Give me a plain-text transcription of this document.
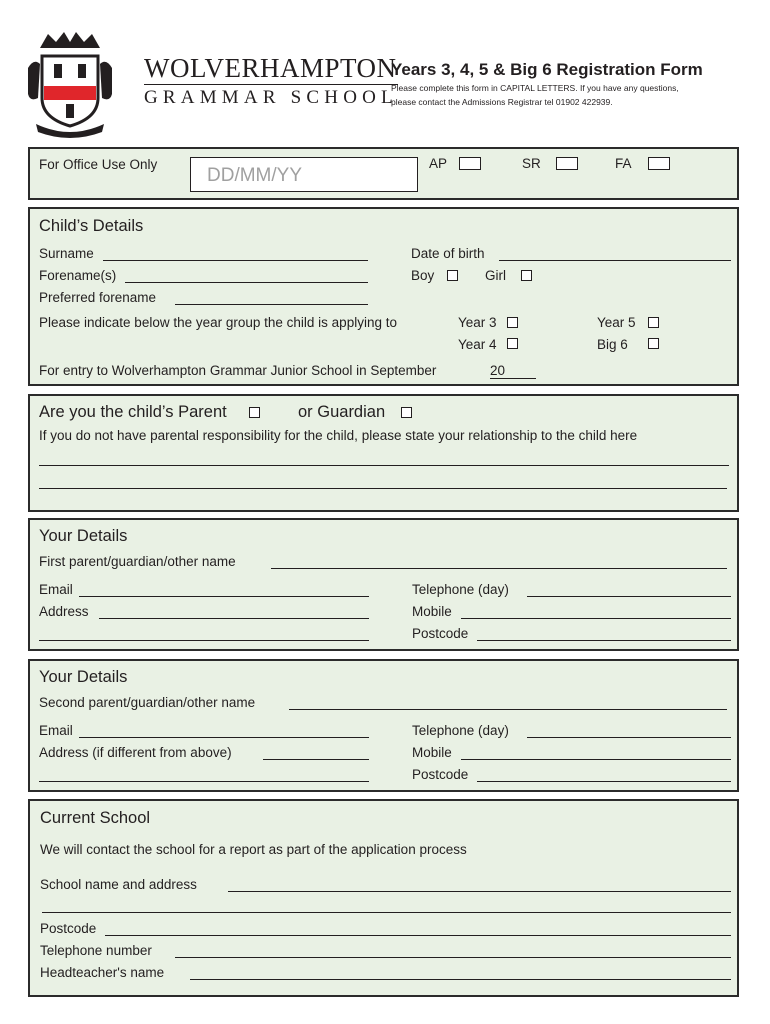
WOLVERHAMPTON
GRAMMAR SCHOOL
Years 3, 4, 5 & Big 6 Registration Form
Please complete this form in CAPITAL LETTERS. If you have any questions,
please contact the Admissions Registrar tel 01902 422939.
For Office Use Only
DD/MM/YY
AP	SR	FA
Child’s Details
Surname	Date of birth
Forename(s)	Boy	Girl
Preferred forename
Please indicate below the year group the child is applying to	Year 3	Year 5
Year 4	Big 6
For entry to Wolverhampton Grammar Junior School in September	20
Are you the child’s Parent	or Guardian
If you do not have parental responsibility for the child, please state your relationship to the child here
Your Details
First parent/guardian/other name
Email	Telephone (day)
Address	Mobile
Postcode
Your Details
Second parent/guardian/other name
Email	Telephone (day)
Address (if different from above)	Mobile
Postcode
Current School
We will contact the school for a report as part of the application process
School name and address
Postcode
Telephone number
Headteacher's name
